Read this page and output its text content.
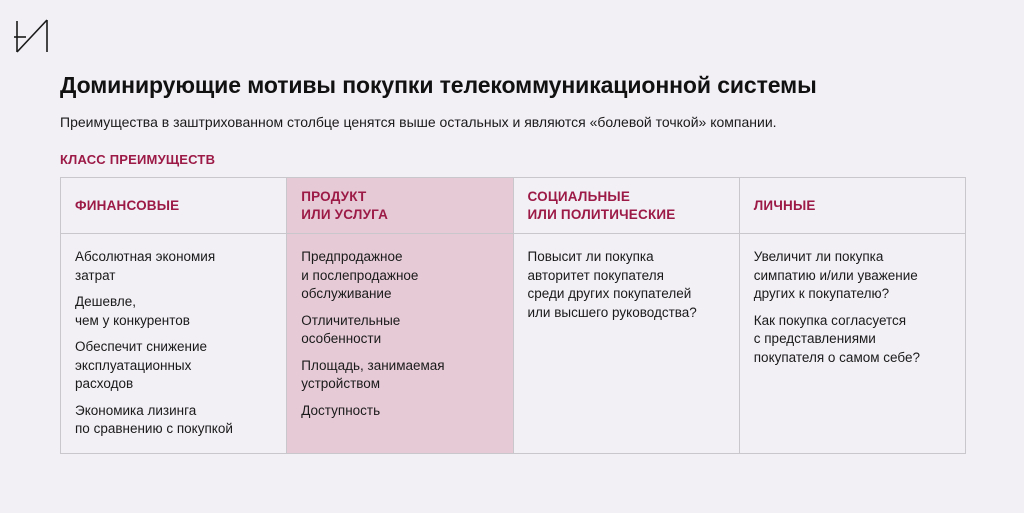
Доминирующие мотивы покупки телекоммуникационной системы

Преимущества в заштрихованном столбце ценятся выше остальных и являются «болевой точкой» компании.

КЛАСС ПРЕИМУЩЕСТВ

ФИНАНСОВЫЕ

Абсолютная экономия
затрат

Дешевле,
чем у конкурентов

Обеспечит снижение
эксплуатационных
расходов

Экономика лизинга
по сравнению с покупкой

ПРОДУКТ
ИЛИ УСЛУГА

Предпродажное
и послепродажное
обслуживание

Отличительные
особенности

Площадь, занимаемая
устройством

Доступность

СОЦИАЛЬНЫЕ
ИЛИ ПОЛИТИЧЕСКИЕ

Повысит ли покупка
авторитет покупателя
среди других покупателей
или высшего руководства?

ЛИЧНЫЕ

Увеличит ли покупка
симпатию и/или уважение
других к покупателю?

Как покупка согласуется
с представлениями
покупателя о самом себе?
